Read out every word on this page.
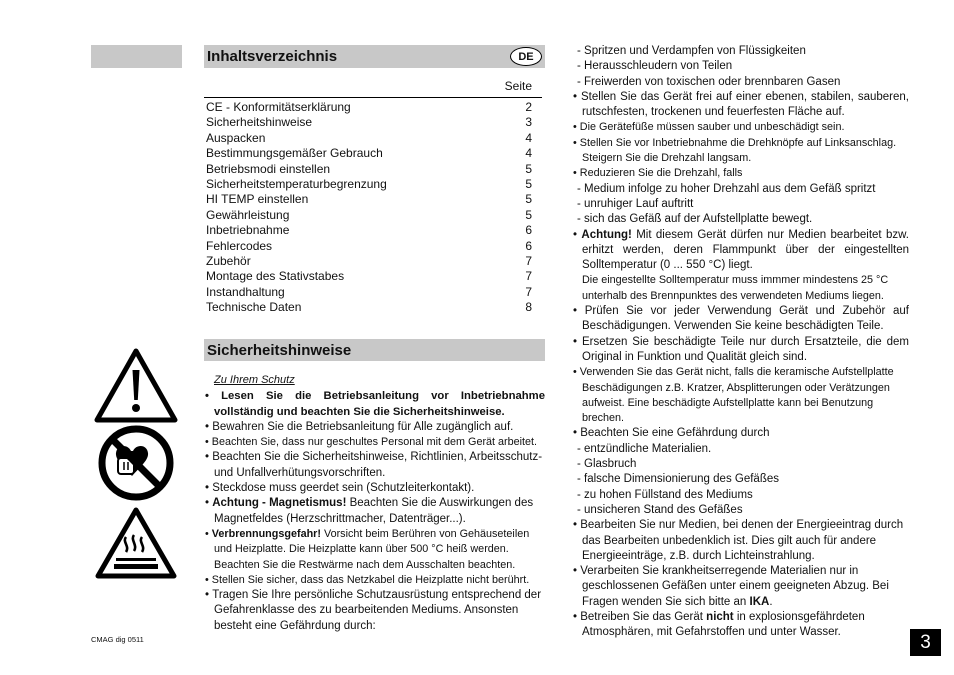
Inhaltsverzeichnis	DE
Seite
CE - Konformitätserklärung	2
Sicherheitshinweise	3
Auspacken	4
Bestimmungsgemäßer Gebrauch	4
Betriebsmodi einstellen	5
Sicherheitstemperaturbegrenzung	5
HI TEMP einstellen	5
Gewährleistung	5
Inbetriebnahme	6
Fehlercodes	6
Zubehör	7
Montage des Stativstabes	7
Instandhaltung	7
Technische Daten	8
Sicherheitshinweise

Zu Ihrem Schutz

• Lesen Sie die Betriebsanleitung vor Inbetriebnahme vollständig und beachten Sie die Sicherheitshinweise.

• Bewahren Sie die Betriebsanleitung für Alle zugänglich auf.

• Beachten Sie, dass nur geschultes Personal mit dem Gerät arbeitet.

• Beachten Sie die Sicherheitshinweise, Richtlinien, Arbeitsschutz- und Unfallverhütungsvorschriften.

• Steckdose muss geerdet sein (Schutzleiterkontakt).

• Achtung - Magnetismus! Beachten Sie die Auswirkungen des Magnetfeldes (Herzschrittmacher, Datenträger...).

• Verbrennungsgefahr! Vorsicht beim Berühren von Gehäuseteilen und Heizplatte. Die Heizplatte kann über 500 °C heiß werden. Beachten Sie die Restwärme nach dem Ausschalten beachten.

• Stellen Sie sicher, dass das Netzkabel die Heizplatte nicht berührt.

• Tragen Sie Ihre persönliche Schutzausrüstung entsprechend der Gefahrenklasse des zu bearbeitenden Mediums. Ansonsten besteht eine Gefährdung durch:

- Spritzen und Verdampfen von Flüssigkeiten

- Herausschleudern von Teilen

- Freiwerden von toxischen oder brennbaren Gasen

• Stellen Sie das Gerät frei auf einer ebenen, stabilen, sauberen, rutschfesten, trockenen und feuerfesten Fläche auf.

• Die Gerätefüße müssen sauber und unbeschädigt sein.

• Stellen Sie vor Inbetriebnahme die Drehknöpfe auf Linksanschlag. Steigern Sie die Drehzahl langsam.

• Reduzieren Sie die Drehzahl, falls

- Medium infolge zu hoher Drehzahl aus dem Gefäß spritzt

- unruhiger Lauf auftritt

- sich das Gefäß auf der Aufstellplatte bewegt.

• Achtung! Mit diesem Gerät dürfen nur Medien bearbeitet bzw. erhitzt werden, deren Flammpunkt über der eingestellten Solltemperatur (0 ... 550 °C) liegt.

Die eingestellte Solltemperatur muss immmer mindestens 25 °C unterhalb des Brennpunktes des verwendeten Mediums liegen.

• Prüfen Sie vor jeder Verwendung Gerät und Zubehör auf Beschädigungen. Verwenden Sie keine beschädigten Teile.

• Ersetzen Sie beschädigte Teile nur durch Ersatzteile, die dem Original in Funktion und Qualität gleich sind.

• Verwenden Sie das Gerät nicht, falls die keramische Aufstellplatte Beschädigungen z.B. Kratzer, Absplitterungen oder Verätzungen aufweist. Eine beschädigte Aufstellplatte kann bei Benutzung brechen.

• Beachten Sie eine Gefährdung durch

- entzündliche Materialien.

- Glasbruch

- falsche Dimensionierung des Gefäßes

- zu hohen Füllstand des Mediums

- unsicheren Stand des Gefäßes

• Bearbeiten Sie nur Medien, bei denen der Energieeintrag durch das Bearbeiten unbedenklich ist. Dies gilt auch für andere Energieeinträge, z.B. durch Lichteinstrahlung.

• Verarbeiten Sie krankheitserregende Materialien nur in geschlossenen Gefäßen unter einem geeigneten Abzug. Bei Fragen wenden Sie sich bitte an IKA.

• Betreiben Sie das Gerät nicht in explosionsgefährdeten Atmosphären, mit Gefahrstoffen und unter Wasser.

CMAG dig 0511	3
